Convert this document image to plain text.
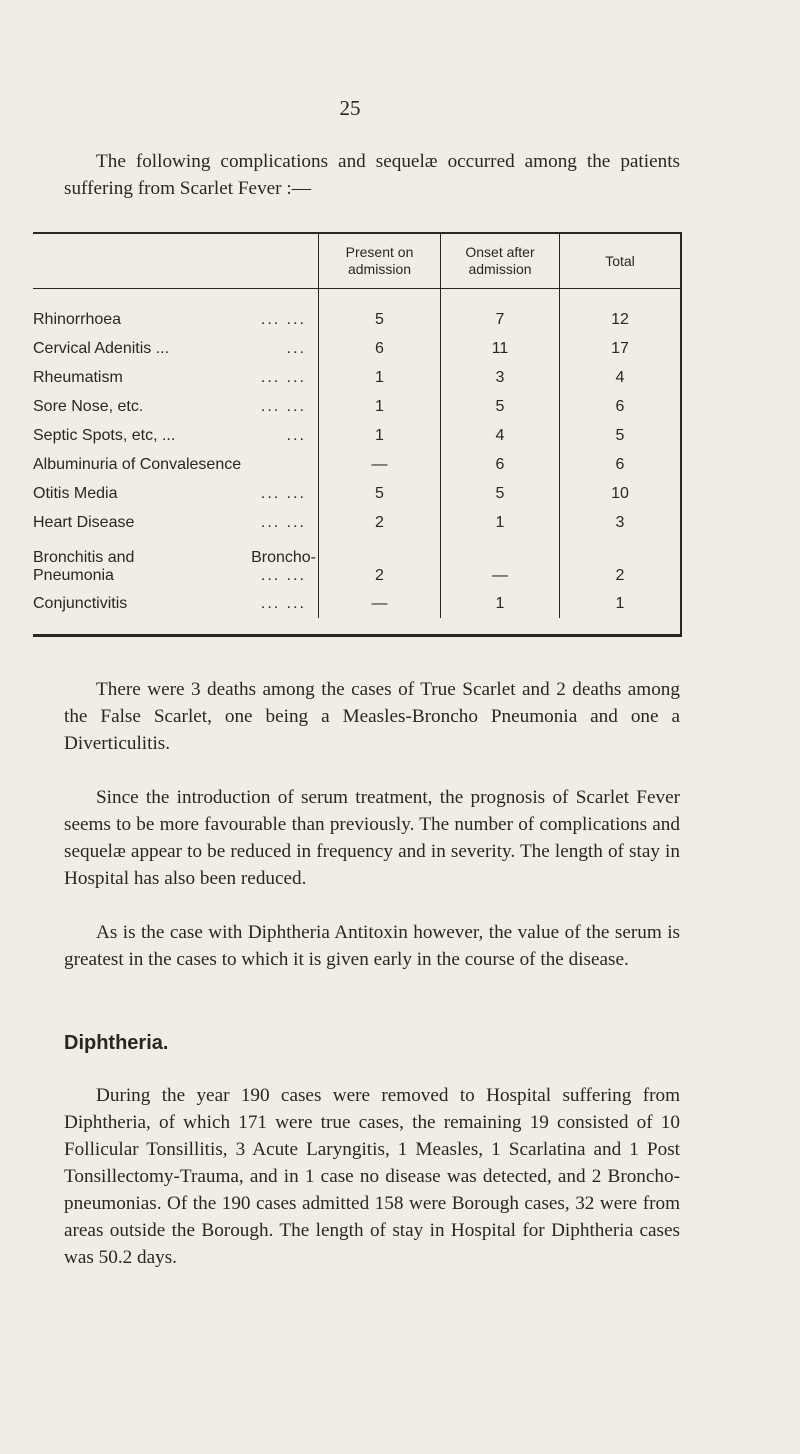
25

The following complications and sequelæ occurred among the patients suffering from Scarlet Fever :—

	Present on admission	Onset after admission	Total

Rhinorrhoea ... ...	5	7	12

Cervical Adenitis ... ...	6	11	17

Rheumatism ... ...	1	3	4

Sore Nose, etc. ... ...	1	5	6

Septic Spots, etc, ... ...	1	4	5

Albuminuria of Convalesence	—	6	6

Otitis Media ... ...	5	5	10

Heart Disease ... ...	2	1	3

Bronchitis and Broncho-
Pneumonia ... ...	2	—	2

Conjunctivitis ... ...	—	1	1

There were 3 deaths among the cases of True Scarlet and 2 deaths among the False Scarlet, one being a Measles-Broncho Pneumonia and one a Diverticulitis.

Since the introduction of serum treatment, the prognosis of Scarlet Fever seems to be more favourable than previously. The number of complications and sequelæ appear to be reduced in frequency and in severity. The length of stay in Hospital has also been reduced.

As is the case with Diphtheria Antitoxin however, the value of the serum is greatest in the cases to which it is given early in the course of the disease.

Diphtheria.

During the year 190 cases were removed to Hospital suffering from Diphtheria, of which 171 were true cases, the remaining 19 consisted of 10 Follicular Tonsillitis, 3 Acute Laryngitis, 1 Measles, 1 Scarlatina and 1 Post Tonsillectomy-Trauma, and in 1 case no disease was detected, and 2 Broncho-pneumonias. Of the 190 cases admitted 158 were Borough cases, 32 were from areas outside the Borough. The length of stay in Hospital for Diphtheria cases was 50.2 days.
